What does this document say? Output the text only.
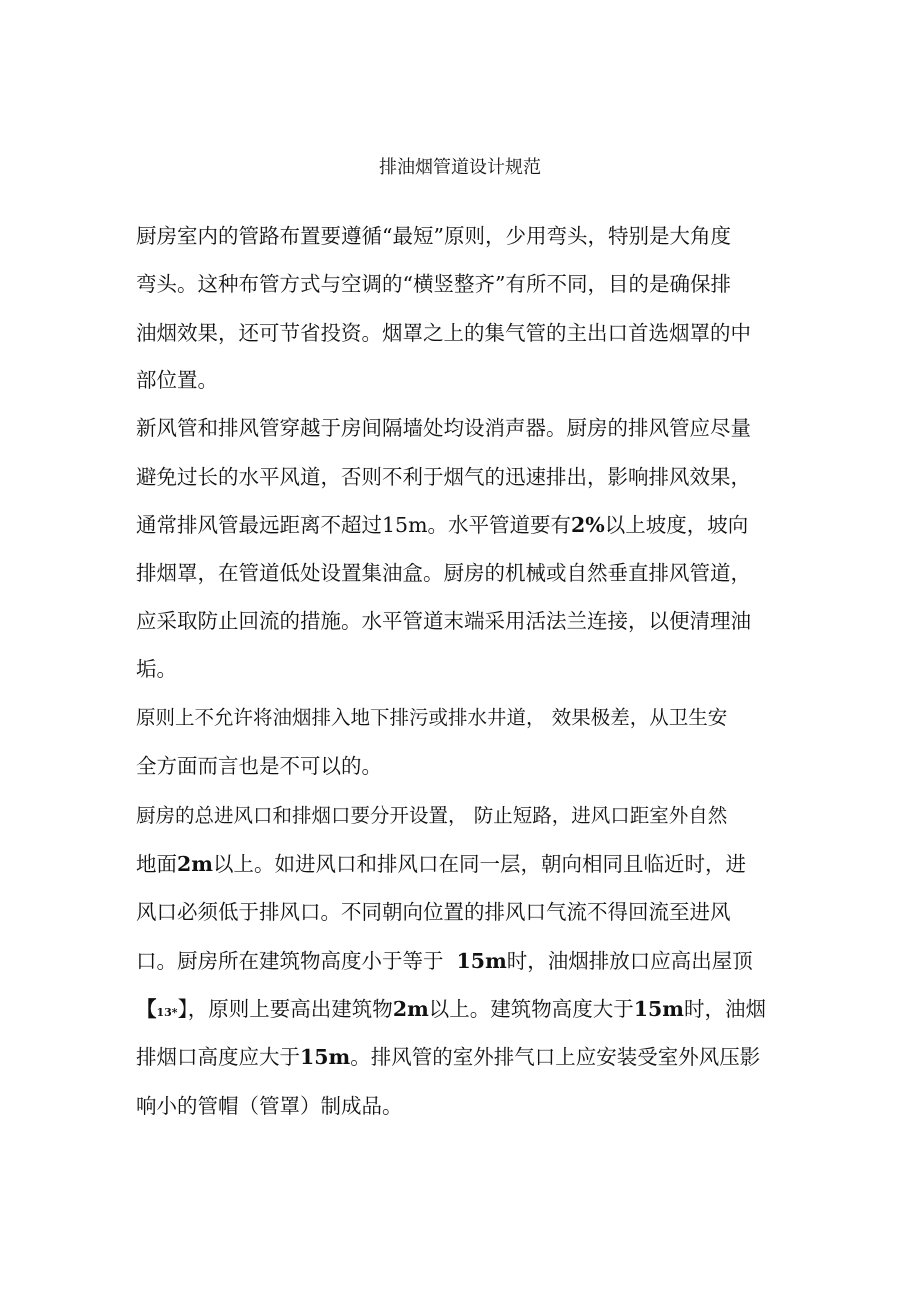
排油烟管道设计规范
厨房室内的管路布置要遵循“最短”原则，少用弯头，特别是大角度
弯头。这种布管方式与空调的“横竖整齐”有所不同，目的是确保排
油烟效果，还可节省投资。烟罩之上的集气管的主出口首选烟罩的中
部位置。
新风管和排风管穿越于房间隔墙处均设消声器。厨房的排风管应尽量
避免过长的水平风道，否则不利于烟气的迅速排出，影响排风效果，
通常排风管最远距离不超过15m。水平管道要有2%以上坡度，坡向
排烟罩，在管道低处设置集油盒。厨房的机械或自然垂直排风管道，
应采取防止回流的措施。水平管道末端采用活法兰连接，以便清理油
垢。
原则上不允许将油烟排入地下排污或排水井道， 效果极差，从卫生安
全方面而言也是不可以的。
厨房的总进风口和排烟口要分开设置， 防止短路，进风口距室外自然
地面2m以上。如进风口和排风口在同一层，朝向相同且临近时，进
风口必须低于排风口。不同朝向位置的排风口气流不得回流至进风
口。厨房所在建筑物高度小于等于  15m时，油烟排放口应高出屋顶
【13*】，原则上要高出建筑物2m以上。建筑物高度大于15m时，油烟
排烟口高度应大于15m。排风管的室外排气口上应安装受室外风压影
响小的管帽（管罩）制成品。
